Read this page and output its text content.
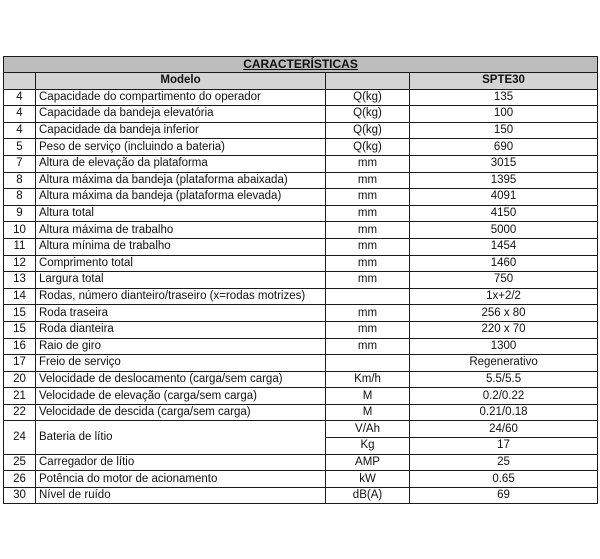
CARACTERÍSTICAS			
	Modelo		SPTE30
4	Capacidade do compartimento do operador	Q(kg)	135
4	Capacidade da bandeja elevatória	Q(kg)	100
4	Capacidade da bandeja inferior	Q(kg)	150
5	Peso de serviço (incluindo a bateria)	Q(kg)	690
7	Altura de elevação da plataforma	mm	3015
8	Altura máxima da bandeja (plataforma abaixada)	mm	1395
8	Altura máxima da bandeja (plataforma elevada)	mm	4091
9	Altura total	mm	4150
10	Altura máxima de trabalho	mm	5000
11	Altura mínima de trabalho	mm	1454
12	Comprimento total	mm	1460
13	Largura total	mm	750
14	Rodas, número dianteiro/traseiro (x=rodas motrizes)		1x+2/2
15	Roda traseira	mm	256 x 80
15	Roda dianteira	mm	220 x 70
16	Raio de giro	mm	1300
17	Freio de serviço		Regenerativo
20	Velocidade de deslocamento (carga/sem carga)	Km/h	5.5/5.5
21	Velocidade de elevação (carga/sem carga)	M	0.2/0.22
22	Velocidade de descida (carga/sem carga)	M	0.21/0.18
24	Bateria de lítio	V/Ah	24/60
		Kg	17
25	Carregador de lítio	AMP	25
26	Potência do motor de acionamento	kW	0.65
30	Nível de ruído	dB(A)	69
